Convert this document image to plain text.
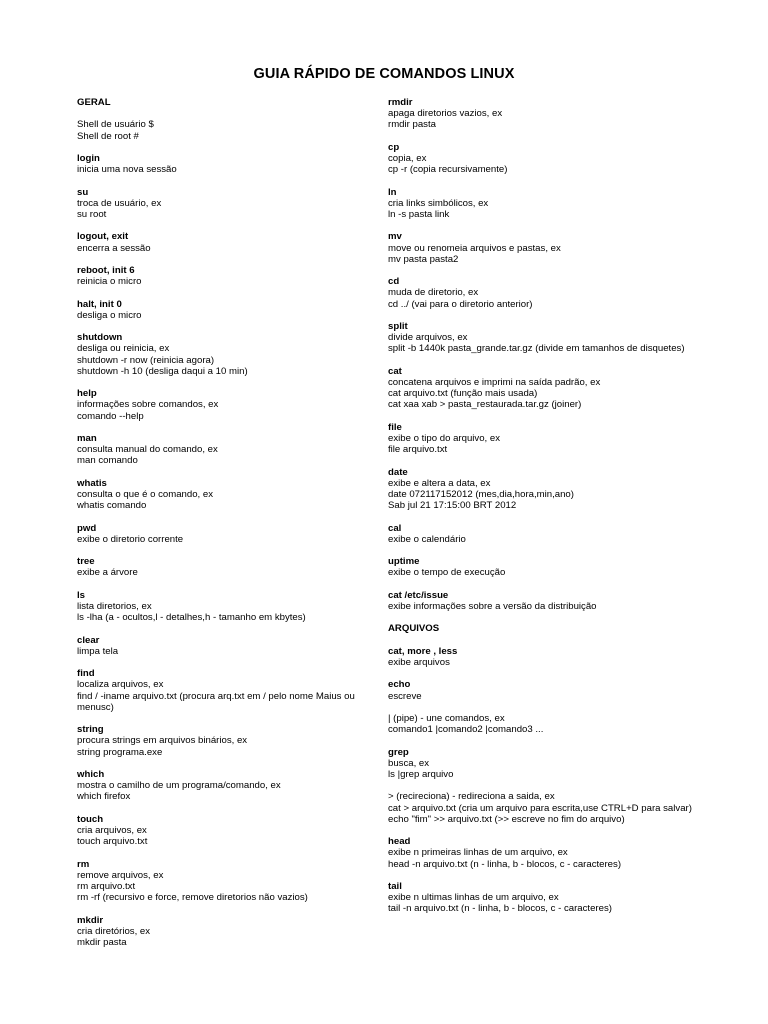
GUIA RÁPIDO DE COMANDOS LINUX
GERAL
Shell de usuário $
Shell de root #
login
inicia uma nova sessão
su
troca de usuário, ex
su root
logout, exit
encerra a sessão
reboot, init 6
reinicia o micro
halt, init 0
desliga o micro
shutdown
desliga ou reinicia, ex
shutdown -r now (reinicia agora)
shutdown -h 10 (desliga daqui a 10 min)
help
informações sobre comandos, ex
comando --help
man
consulta manual do comando, ex
man comando
whatis
consulta o que é o comando, ex
whatis comando
pwd
exibe o diretorio corrente
tree
exibe a árvore
ls
lista diretorios, ex
ls -lha (a - ocultos,l - detalhes,h - tamanho em kbytes)
clear
limpa tela
find
localiza arquivos, ex
find / -iname arquivo.txt (procura arq.txt em / pelo nome Maius ou menusc)
string
procura strings em arquivos binários, ex
string programa.exe
which
mostra o camilho de um programa/comando, ex
which firefox
touch
cria arquivos, ex
touch arquivo.txt
rm
remove arquivos, ex
rm arquivo.txt
rm -rf (recursivo e force, remove diretorios não vazios)
mkdir
cria diretórios, ex
mkdir pasta
rmdir
apaga diretorios vazios, ex
rmdir pasta
cp
copia, ex
cp -r (copia recursivamente)
ln
cria links simbólicos, ex
ln -s pasta link
mv
move ou renomeia arquivos e pastas, ex
mv pasta pasta2
cd
muda de diretorio, ex
cd ../ (vai para o diretorio anterior)
split
divide arquivos, ex
split -b 1440k pasta_grande.tar.gz (divide em tamanhos de disquetes)
cat
concatena arquivos e imprimi na saída padrão, ex
cat arquivo.txt (função mais usada)
cat xaa xab > pasta_restaurada.tar.gz (joiner)
file
exibe o tipo do arquivo, ex
file arquivo.txt
date
exibe e altera a data, ex
date 072117152012 (mes,dia,hora,min,ano)
Sab jul 21 17:15:00 BRT 2012
cal
exibe o calendário
uptime
exibe o tempo de execução
cat /etc/issue
exibe informações sobre a versão da distribuição
ARQUIVOS
cat, more , less
exibe arquivos
echo
escreve
| (pipe) - une comandos, ex
comando1 |comando2 |comando3 ...
grep
busca, ex
ls |grep arquivo
> (recireciona) - redireciona a saida, ex
cat > arquivo.txt (cria um arquivo para escrita,use CTRL+D para salvar)
echo "fim" >> arquivo.txt (>> escreve no fim do arquivo)
head
exibe n primeiras linhas de um arquivo, ex
head -n arquivo.txt (n - linha, b - blocos, c - caracteres)
tail
exibe n ultimas linhas de um arquivo, ex
tail -n arquivo.txt (n - linha, b - blocos, c - caracteres)
